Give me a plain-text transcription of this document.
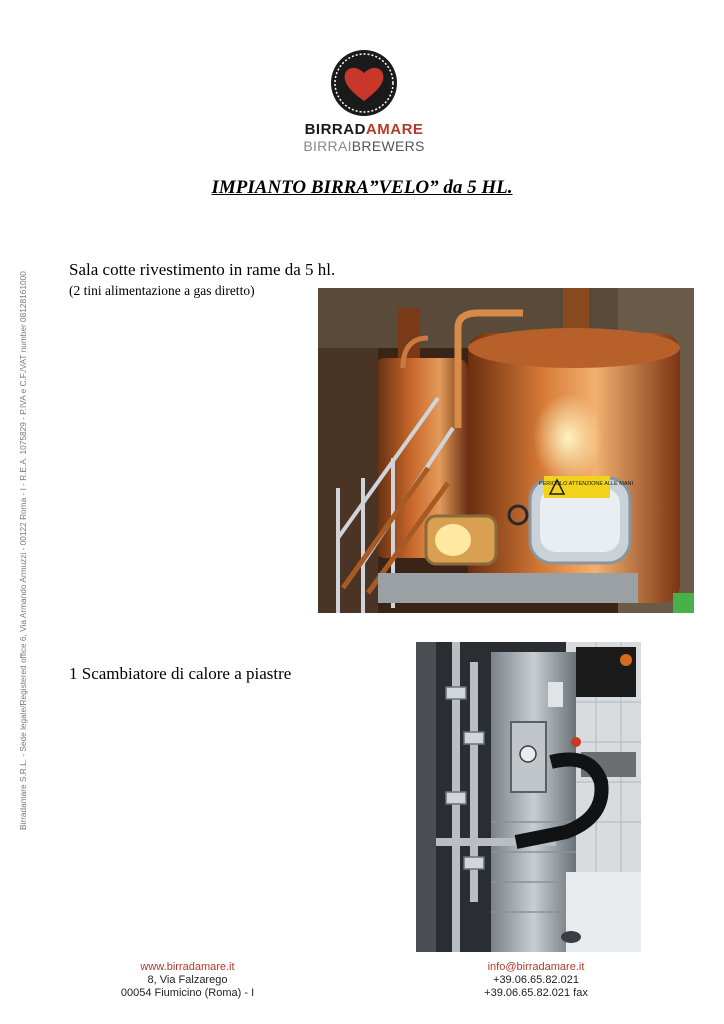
BIRRADAMARE
BIRRAIBREWERS
IMPIANTO BIRRA”VELO” da 5 HL.
Birradamare S.R.L. - Sede legale/Registered office 6, Via Armando Armuzzi - 00122 Roma - I - R.E.A. 1075829 - P.IVA e C.F./VAT number 08128161000
Sala cotte rivestimento in rame da 5 hl.
(2 tini alimentazione a gas diretto)
PERICOLO ATTENZIONE ALLE MANI
1 Scambiatore di calore a piastre
www.birradamare.it
8, Via Falzarego
00054 Fiumicino (Roma) - I
info@birradamare.it
+39.06.65.82.021
+39.06.65.82.021 fax
